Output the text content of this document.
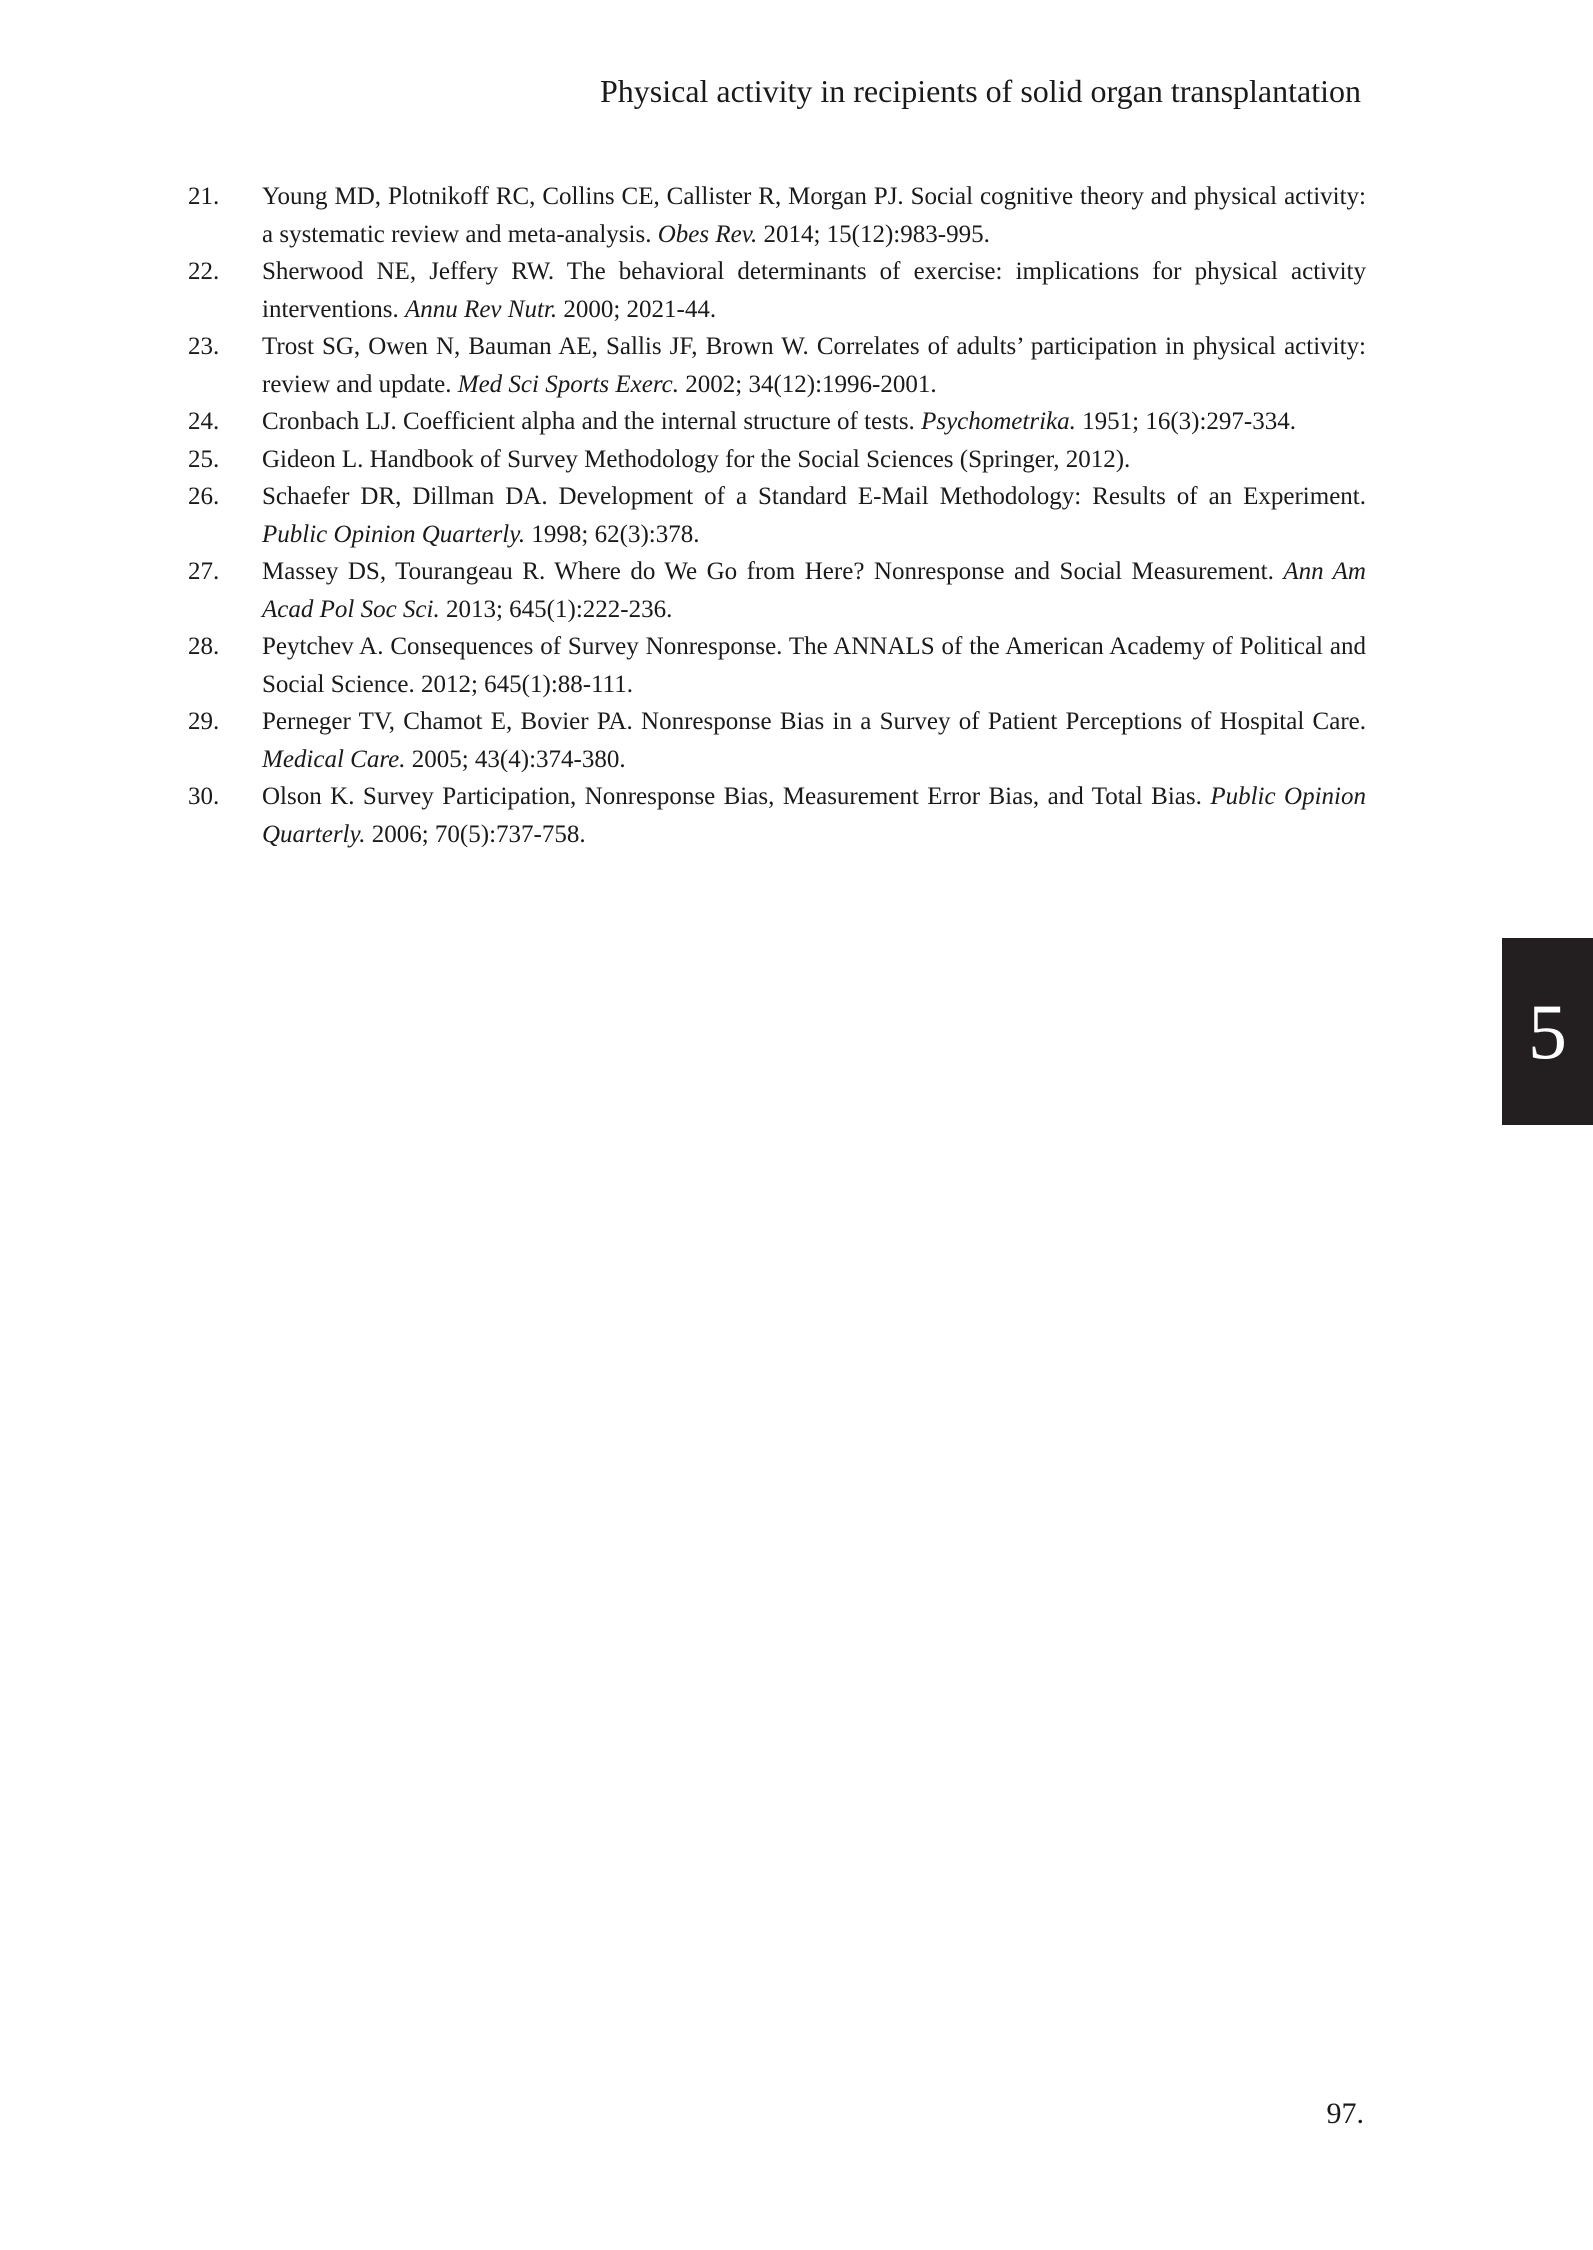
Physical activity in recipients of solid organ transplantation
21.	Young MD, Plotnikoff RC, Collins CE, Callister R, Morgan PJ. Social cognitive theory and physical activity: a systematic review and meta-analysis. Obes Rev. 2014; 15(12):983-995.
22.	Sherwood NE, Jeffery RW. The behavioral determinants of exercise: implications for physical activity interventions. Annu Rev Nutr. 2000; 2021-44.
23.	Trost SG, Owen N, Bauman AE, Sallis JF, Brown W. Correlates of adults’ participation in physical activity: review and update. Med Sci Sports Exerc. 2002; 34(12):1996-2001.
24.	Cronbach LJ. Coefficient alpha and the internal structure of tests. Psychometrika. 1951; 16(3):297-334.
25.	Gideon L. Handbook of Survey Methodology for the Social Sciences (Springer, 2012).
26.	Schaefer DR, Dillman DA. Development of a Standard E-Mail Methodology: Results of an Experiment. Public Opinion Quarterly. 1998; 62(3):378.
27.	Massey DS, Tourangeau R. Where do We Go from Here? Nonresponse and Social Measurement. Ann Am Acad Pol Soc Sci. 2013; 645(1):222-236.
28.	Peytchev A. Consequences of Survey Nonresponse. The ANNALS of the American Academy of Political and Social Science. 2012; 645(1):88-111.
29.	Perneger TV, Chamot E, Bovier PA. Nonresponse Bias in a Survey of Patient Perceptions of Hospital Care. Medical Care. 2005; 43(4):374-380.
30.	Olson K. Survey Participation, Nonresponse Bias, Measurement Error Bias, and Total Bias. Public Opinion Quarterly. 2006; 70(5):737-758.
5
97.
